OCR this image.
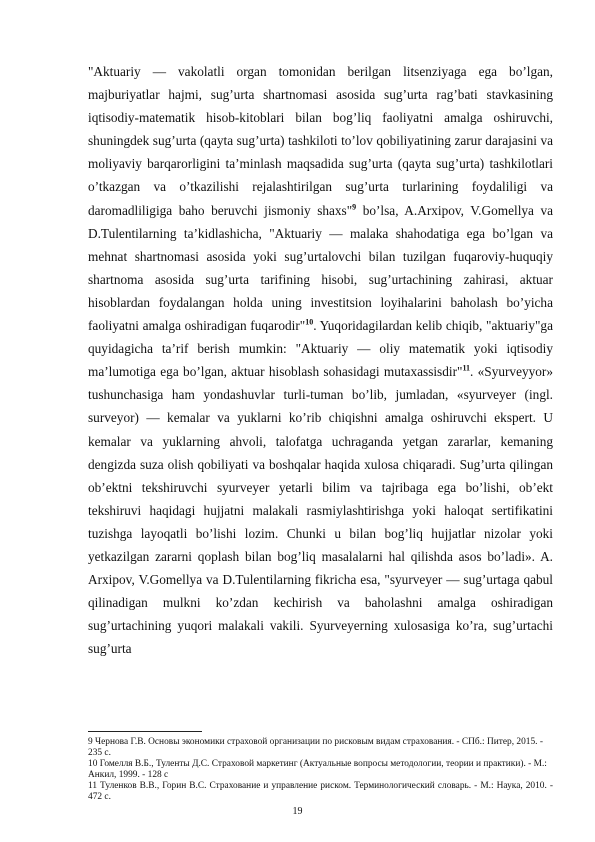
"Aktuariy — vakolatli organ tomonidan berilgan litsenziyaga ega bo’lgan, majburiyatlar hajmi, sug’urta shartnomasi asosida sug’urta rag’bati stavkasining iqtisodiy-matematik hisob-kitoblari bilan bog’liq faoliyatni amalga oshiruvchi, shuningdek sug’urta (qayta sug’urta) tashkiloti to’lov qobiliyatining zarur darajasini va moliyaviy barqarorligini ta’minlash maqsadida sug’urta (qayta sug’urta) tashkilotlari o’tkazgan va o’tkazilishi rejalashtirilgan sug’urta turlarining foydaliligi va daromadliligiga baho beruvchi jismoniy shaxs"$^9$ bo’lsa, A.Arxipov, V.Gomellya va D.Tulentilarning ta’kidlashicha, "Aktuariy — malaka shahodatiga ega bo’lgan va mehnat shartnomasi asosida yoki sug’urtalovchi bilan tuzilgan fuqaroviy-huquqiy shartnoma asosida sug’urta tarifining hisobi, sug’urtachining zahirasi, aktuar hisoblardan foydalangan holda uning investitsion loyihalarini baholash bo’yicha faoliyatni amalga oshiradigan fuqarodir"$^{10}$. Yuqoridagilardan kelib chiqib, "aktuariy"ga quyidagicha ta’rif berish mumkin: "Aktuariy — oliy matematik yoki iqtisodiy ma’lumotiga ega bo’lgan, aktuar hisoblash sohasidagi mutaxassisdir"$^{11}$. «Syurveyyor» tushunchasiga ham yondashuvlar turli-tuman bo’lib, jumladan, «syurveyer (ingl. surveyor) — kemalar va yuklarni ko’rib chiqishni amalga oshiruvchi ekspert. U kemalar va yuklarning ahvoli, talofatga uchraganda yetgan zararlar, kemaning dengizda suza olish qobiliyati va boshqalar haqida xulosa chiqaradi. Sug’urta qilingan ob’ektni tekshiruvchi syurveyer yetarli bilim va tajribaga ega bo’lishi, ob’ekt tekshiruvi haqidagi hujjatni malakali rasmiylashtirishga yoki haloqat sertifikatini tuzishga layoqatli bo’lishi lozim. Chunki u bilan bog’liq hujjatlar nizolar yoki yetkazilgan zararni qoplash bilan bog’liq masalalarni hal qilishda asos bo’ladi». A. Arxipov, V.Gomellya va D.Tulentilarning fikricha esa, "syurveyer — sug’urtaga qabul qilinadigan mulkni ko’zdan kechirish va baholashni amalga oshiradigan sug’urtachining yuqori malakali vakili. Syurveyerning xulosasiga ko’ra, sug’urtachi sug’urta

9 Чернова Г.В. Основы экономики страховой организации по рисковым видам страхования. - СПб.: Питер, 2015. - 235 с.

10 Гомелля В.Б., Туленты Д.С. Страховой маркетинг (Актуальные вопросы методологии, теории и практики). - М.: Анкил, 1999. - 128 с

11 Туленков В.В., Горин В.С. Страхование и управление риском. Терминологический словарь. - М.: Наука, 2010. - 472 с.

19
